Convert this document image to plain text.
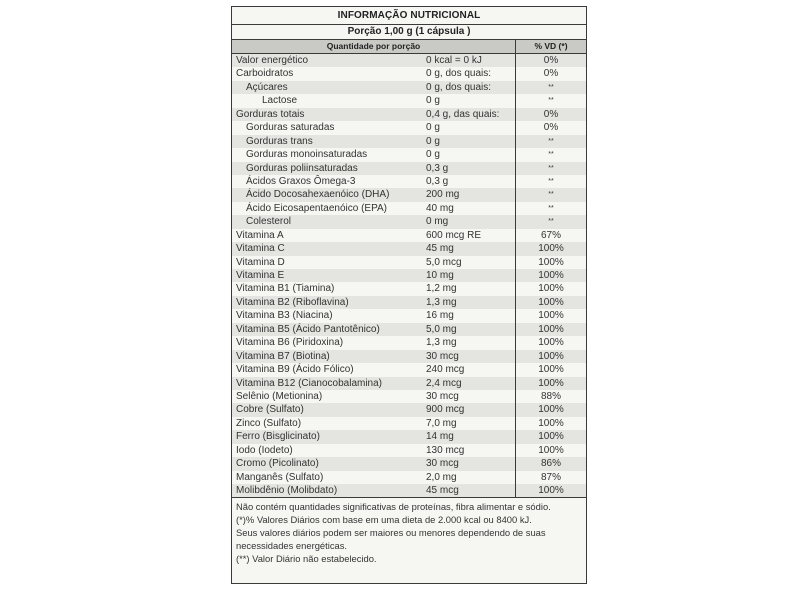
INFORMAÇÃO NUTRICIONAL
Porção 1,00 g (1 cápsula )
Quantidade por porção	% VD (*)
Valor energético	0 kcal = 0 kJ	0%
Carboidratos	0 g, dos quais:	0%
Açúcares	0 g, dos quais:	**
Lactose	0 g	**
Gorduras totais	0,4 g, das quais:	0%
Gorduras saturadas	0 g	0%
Gorduras trans	0 g	**
Gorduras monoinsaturadas	0 g	**
Gorduras poliinsaturadas	0,3 g	**
Ácidos Graxos Ômega-3	0,3 g	**
Ácido Docosahexaenóico (DHA)	200 mg	**
Ácido Eicosapentaenóico (EPA)	40 mg	**
Colesterol	0 mg	**
Vitamina A	600 mcg RE	67%
Vitamina C	45 mg	100%
Vitamina D	5,0 mcg	100%
Vitamina E	10 mg	100%
Vitamina B1 (Tiamina)	1,2 mg	100%
Vitamina B2 (Riboflavina)	1,3 mg	100%
Vitamina B3 (Niacina)	16 mg	100%
Vitamina B5 (Ácido Pantotênico)	5,0 mg	100%
Vitamina B6 (Piridoxina)	1,3 mg	100%
Vitamina B7 (Biotina)	30 mcg	100%
Vitamina B9 (Ácido Fólico)	240 mcg	100%
Vitamina B12 (Cianocobalamina)	2,4 mcg	100%
Selênio (Metionina)	30 mcg	88%
Cobre (Sulfato)	900 mcg	100%
Zinco (Sulfato)	7,0 mg	100%
Ferro (Bisglicinato)	14 mg	100%
Iodo (Iodeto)	130 mcg	100%
Cromo (Picolinato)	30 mcg	86%
Manganês (Sulfato)	2,0 mg	87%
Molibdênio (Molibdato)	45 mcg	100%

Não contém quantidades significativas de proteínas, fibra alimentar e sódio.

(*)% Valores Diários com base em uma dieta de 2.000 kcal ou 8400 kJ.

Seus valores diários podem ser maiores ou menores dependendo de suas necessidades energéticas.

(**) Valor Diário não estabelecido.
